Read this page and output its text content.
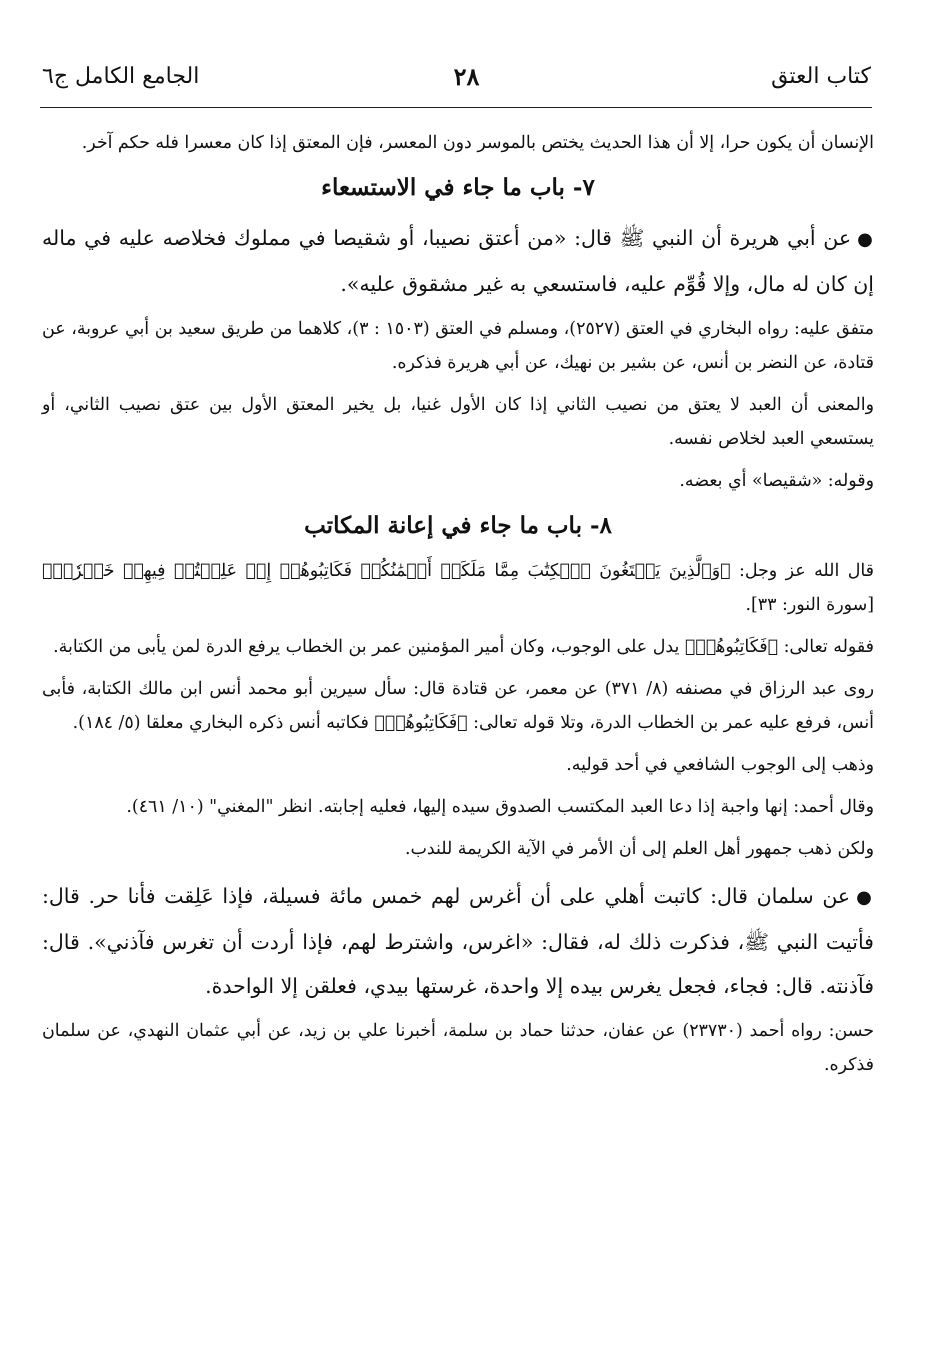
٢٨	كتاب العتق
الجامع الكامل ج٦

الإنسان أن يكون حرا، إلا أن هذا الحديث يختص بالموسر دون المعسر، فإن المعتق إذا كان معسرا فله حكم آخر.

٧- باب ما جاء في الاستسعاء

●عن أبي هريرة أن النبي ﷺ قال: «من أعتق نصيبا، أو شقيصا في مملوك فخلاصه عليه في ماله إن كان له مال، وإلا قُوِّم عليه، فاستسعي به غير مشقوق عليه».

متفق عليه: رواه البخاري في العتق (٢٥٢٧)، ومسلم في العتق (١٥٠٣ : ٣)، كلاهما من طريق سعيد بن أبي عروبة، عن قتادة، عن النضر بن أنس، عن بشير بن نهيك، عن أبي هريرة فذكره.

والمعنى أن العبد لا يعتق من نصيب الثاني إذا كان الأول غنيا، بل يخير المعتق الأول بين عتق نصيب الثاني، أو يستسعي العبد لخلاص نفسه.

وقوله: «شقيصا» أي بعضه.

٨- باب ما جاء في إعانة المكاتب

قال الله عز وجل: ﴿وَٱلَّذِينَ يَبۡتَغُونَ ٱلۡكِتَٰبَ مِمَّا مَلَكَتۡ أَيۡمَٰنُكُمۡ فَكَاتِبُوهُمۡ إِنۡ عَلِمۡتُمۡ فِيهِمۡ خَيۡرٗاۖ﴾ [سورة النور: ٣٣].

فقوله تعالى: ﴿فَكَاتِبُوهُمۡ﴾ يدل على الوجوب، وكان أمير المؤمنين عمر بن الخطاب يرفع الدرة لمن يأبى من الكتابة.

روى عبد الرزاق في مصنفه (٨/ ٣٧١) عن معمر، عن قتادة قال: سأل سيرين أبو محمد أنس ابن مالك الكتابة، فأبى أنس، فرفع عليه عمر بن الخطاب الدرة، وتلا قوله تعالى: ﴿فَكَاتِبُوهُمۡ﴾ فكاتبه أنس ذكره البخاري معلقا (٥/ ١٨٤).

وذهب إلى الوجوب الشافعي في أحد قوليه.

وقال أحمد: إنها واجبة إذا دعا العبد المكتسب الصدوق سيده إليها، فعليه إجابته. انظر "المغني" (١٠/ ٤٦١).

ولكن ذهب جمهور أهل العلم إلى أن الأمر في الآية الكريمة للندب.

●عن سلمان قال: كاتبت أهلي على أن أغرس لهم خمس مائة فسيلة، فإذا عَلِقت فأنا حر. قال: فأتيت النبي ﷺ، فذكرت ذلك له، فقال: «اغرس، واشترط لهم، فإذا أردت أن تغرس فآذني». قال: فآذنته. قال: فجاء، فجعل يغرس بيده إلا واحدة، غرستها بيدي، فعلقن إلا الواحدة.

حسن: رواه أحمد (٢٣٧٣٠) عن عفان، حدثنا حماد بن سلمة، أخبرنا علي بن زيد، عن أبي عثمان النهدي، عن سلمان فذكره.
